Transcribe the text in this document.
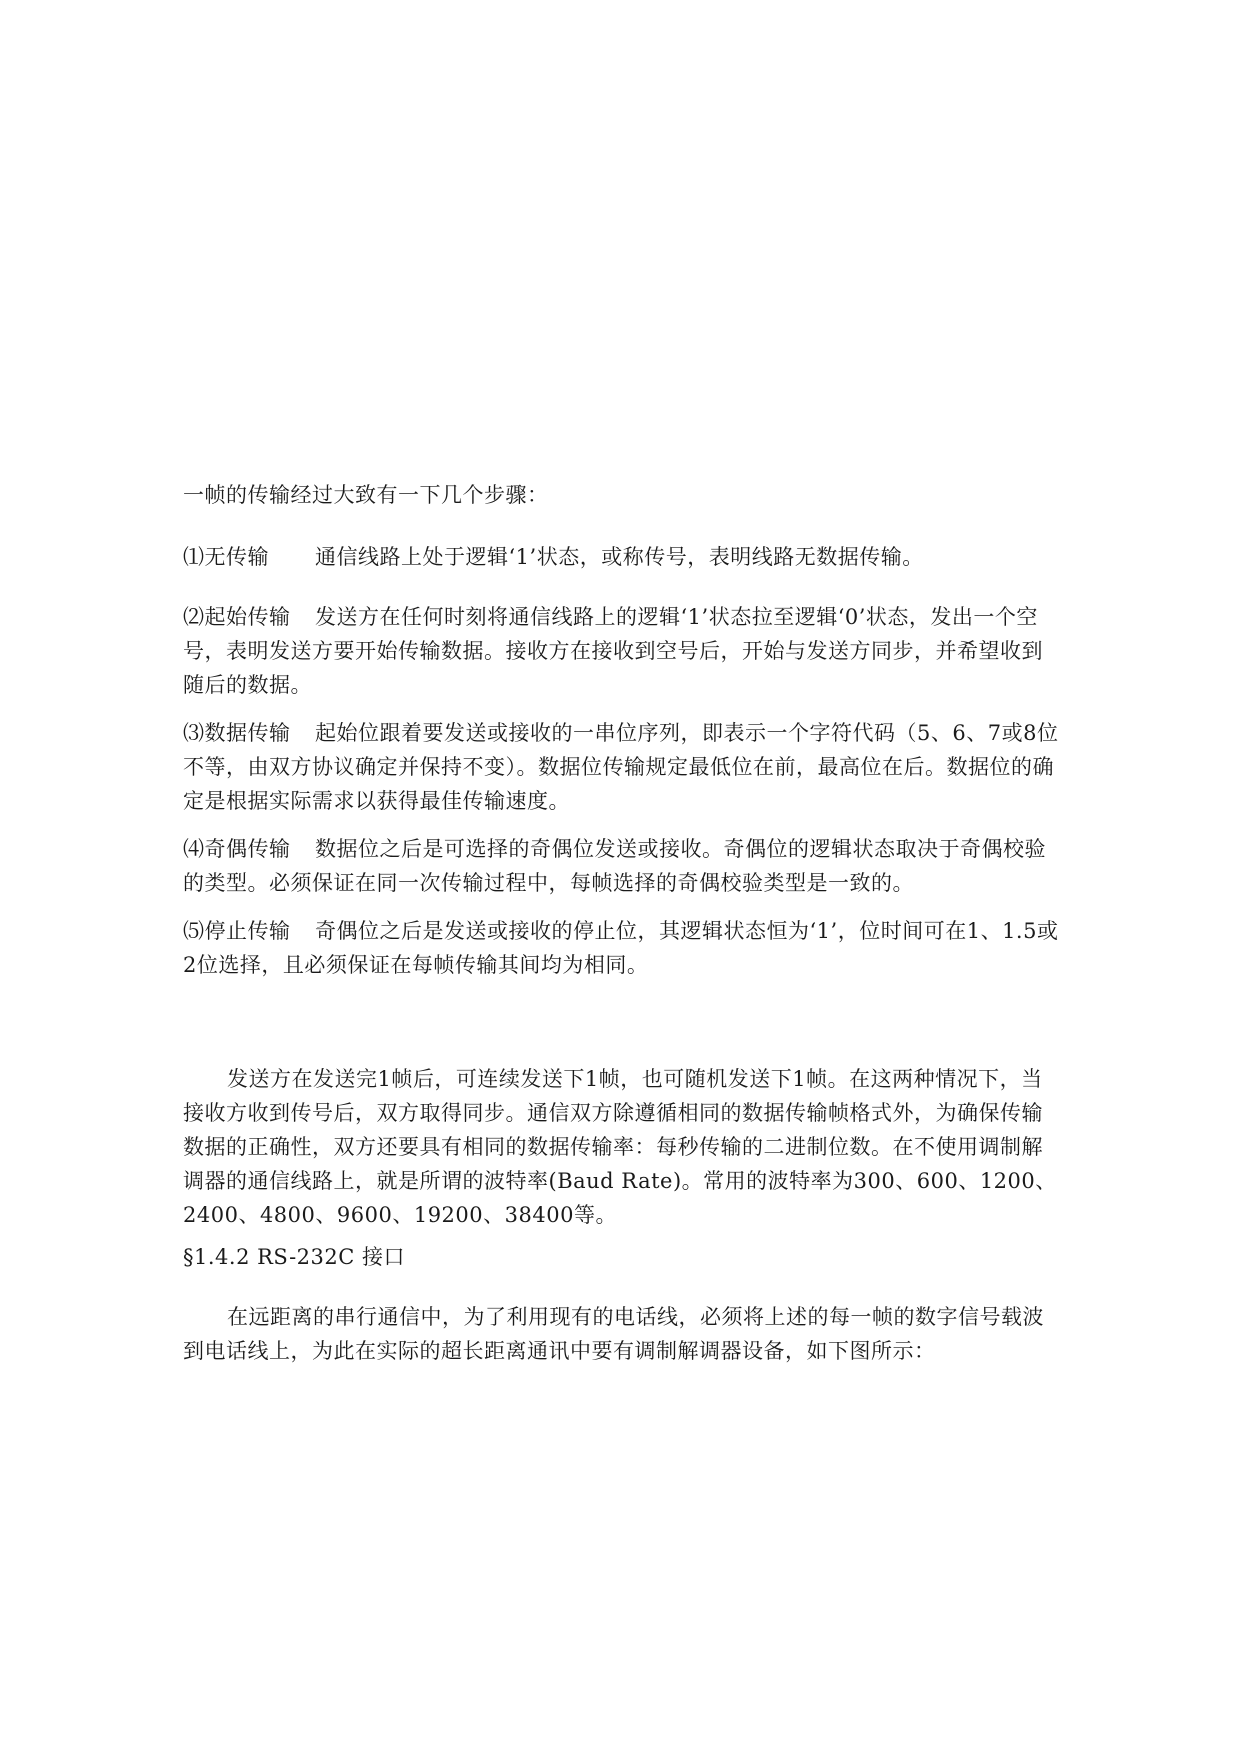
一帧的传输经过大致有一下几个步骤：

⑴无传输 通信线路上处于逻辑‘1’状态，或称传号，表明线路无数据传输。

⑵起始传输 发送方在任何时刻将通信线路上的逻辑‘1’状态拉至逻辑‘0’状态，发出一个空号，表明发送方要开始传输数据。接收方在接收到空号后，开始与发送方同步，并希望收到随后的数据。

⑶数据传输 起始位跟着要发送或接收的一串位序列，即表示一个字符代码（5、6、7或8位不等，由双方协议确定并保持不变）。数据位传输规定最低位在前，最高位在后。数据位的确定是根据实际需求以获得最佳传输速度。

⑷奇偶传输 数据位之后是可选择的奇偶位发送或接收。奇偶位的逻辑状态取决于奇偶校验的类型。必须保证在同一次传输过程中，每帧选择的奇偶校验类型是一致的。

⑸停止传输 奇偶位之后是发送或接收的停止位，其逻辑状态恒为‘1’，位时间可在1、1.5或2位选择，且必须保证在每帧传输其间均为相同。

发送方在发送完1帧后，可连续发送下1帧，也可随机发送下1帧。在这两种情况下，当接收方收到传号后，双方取得同步。通信双方除遵循相同的数据传输帧格式外，为确保传输数据的正确性，双方还要具有相同的数据传输率：每秒传输的二进制位数。在不使用调制解调器的通信线路上，就是所谓的波特率(Baud Rate)。常用的波特率为300、600、1200、2400、4800、9600、19200、38400等。

§1.4.2 RS-232C 接口

在远距离的串行通信中，为了利用现有的电话线，必须将上述的每一帧的数字信号载波到电话线上，为此在实际的超长距离通讯中要有调制解调器设备，如下图所示：
